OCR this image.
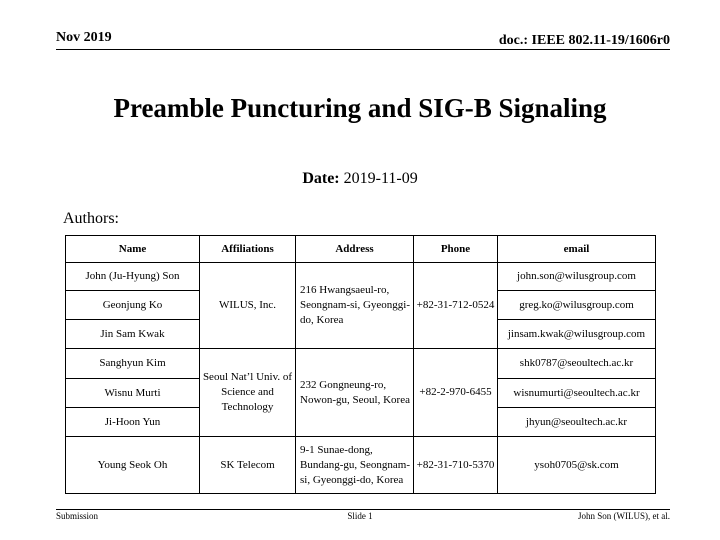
Nov 2019	doc.: IEEE 802.11-19/1606r0
Preamble Puncturing and SIG-B Signaling
Date: 2019-11-09
Authors:
Name	Affiliations	Address	Phone	email
John (Ju-Hyung) Son	WILUS, Inc.	216 Hwangsaeul-ro, Seongnam-si, Gyeonggi-do, Korea	+82-31-712-0524	john.son@wilusgroup.com
Geonjung Ko				greg.ko@wilusgroup.com
Jin Sam Kwak				jinsam.kwak@wilusgroup.com
Sanghyun Kim	Seoul Nat’l Univ. of Science and Technology	232 Gongneung-ro, Nowon-gu, Seoul, Korea	+82-2-970-6455	shk0787@seoultech.ac.kr
Wisnu Murti				wisnumurti@seoultech.ac.kr
Ji-Hoon Yun				jhyun@seoultech.ac.kr
Young Seok Oh	SK Telecom	9-1 Sunae-dong, Bundang-gu, Seongnam-si, Gyeonggi-do, Korea	+82-31-710-5370	ysoh0705@sk.com
Submission	Slide 1	John Son (WILUS), et al.
